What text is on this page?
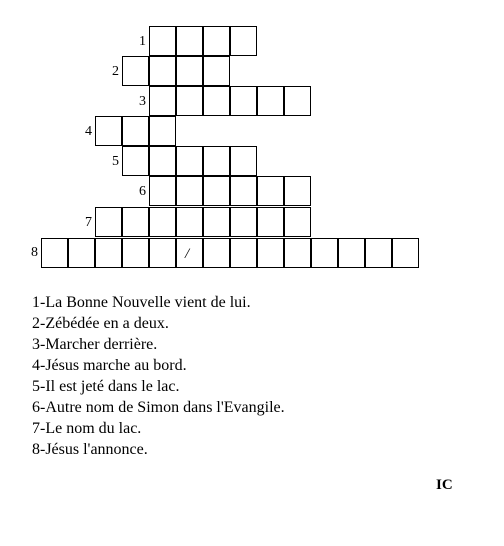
1
2
3
4
5
6
7
8	/
1-La Bonne Nouvelle vient de lui.
2-Zébédée en a deux.
3-Marcher derrière.
4-Jésus marche au bord.
5-Il est jeté dans le lac.
6-Autre nom de Simon dans l'Evangile.
7-Le nom du lac.
8-Jésus l'annonce.
IC
